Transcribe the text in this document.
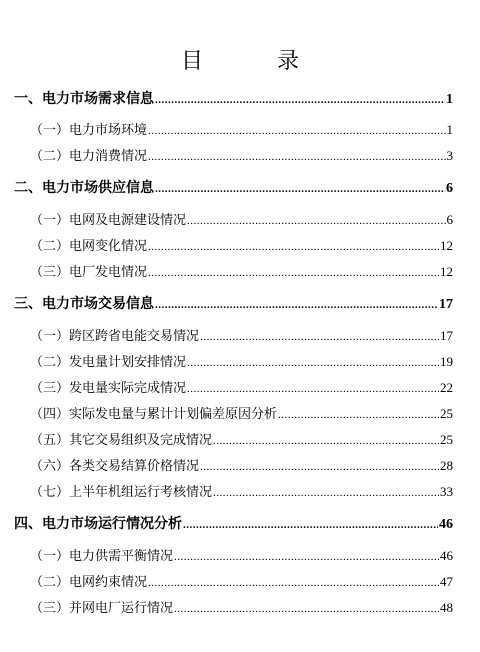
目　录
一、电力市场需求信息 .....	1
（一）电力市场环境 .....	1
（二）电力消费情况 .....	3
二、电力市场供应信息 .....	6
（一）电网及电源建设情况 .....	6
（二）电网变化情况 .....	12
（三）电厂发电情况 .....	12
三、电力市场交易信息 .....	17
（一）跨区跨省电能交易情况 .....	17
（二）发电量计划安排情况 .....	19
（三）发电量实际完成情况 .....	22
（四）实际发电量与累计计划偏差原因分析 .....	25
（五）其它交易组织及完成情况 .....	25
（六）各类交易结算价格情况 .....	28
（七）上半年机组运行考核情况 .....	33
四、电力市场运行情况分析 .....	46
（一）电力供需平衡情况 .....	46
（二）电网约束情况 .....	47
（三）并网电厂运行情况 .....	48
